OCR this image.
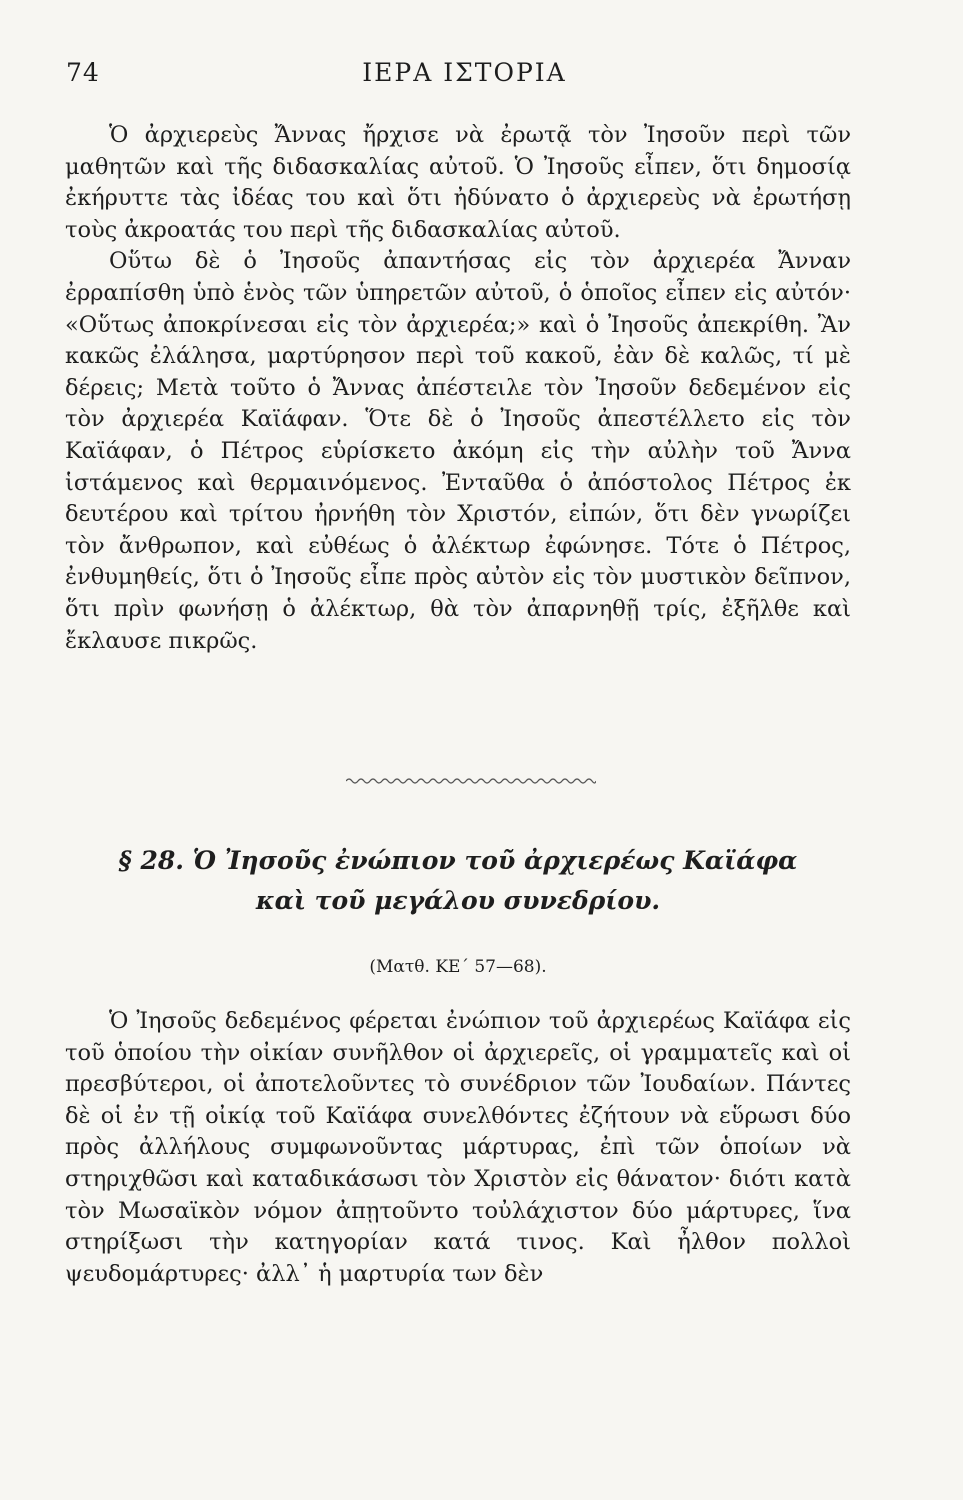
74	ΙΕΡΑ ΙΣΤΟΡΙΑ

Ὁ ἀρχιερεὺς Ἄννας ἤρχισε νὰ ἐρωτᾷ τὸν Ἰησοῦν περὶ τῶν μαθητῶν καὶ τῆς διδασκαλίας αὐτοῦ. Ὁ Ἰησοῦς εἶπεν, ὅτι δημοσίᾳ ἐκήρυττε τὰς ἰδέας του καὶ ὅτι ἠδύνατο ὁ ἀρχιερεὺς νὰ ἐρωτήσῃ τοὺς ἀκροατάς του περὶ τῆς διδασκαλίας αὐτοῦ.

Οὕτω δὲ ὁ Ἰησοῦς ἀπαντήσας εἰς τὸν ἀρχιερέα Ἄνναν ἐρραπίσθη ὑπὸ ἑνὸς τῶν ὑπηρετῶν αὐτοῦ, ὁ ὁποῖος εἶπεν εἰς αὐτόν· «Οὕτως ἀποκρίνεσαι εἰς τὸν ἀρχιερέα;» καὶ ὁ Ἰησοῦς ἀπεκρίθη. Ἂν κακῶς ἐλάλησα, μαρτύρησον περὶ τοῦ κακοῦ, ἐὰν δὲ καλῶς, τί μὲ δέρεις; Μετὰ τοῦτο ὁ Ἄννας ἀπέστειλε τὸν Ἰησοῦν δεδεμένον εἰς τὸν ἀρχιερέα Καϊάφαν. Ὅτε δὲ ὁ Ἰησοῦς ἀπεστέλλετο εἰς τὸν Καϊάφαν, ὁ Πέτρος εὑρίσκετο ἀκόμη εἰς τὴν αὐλὴν τοῦ Ἄννα ἱστάμενος καὶ θερμαινόμενος. Ἐνταῦθα ὁ ἀπόστολος Πέτρος ἐκ δευτέρου καὶ τρίτου ἠρνήθη τὸν Χριστόν, εἰπών, ὅτι δὲν γνωρίζει τὸν ἄνθρωπον, καὶ εὐθέως ὁ ἀλέκτωρ ἐφώνησε. Τότε ὁ Πέτρος, ἐνθυμηθείς, ὅτι ὁ Ἰησοῦς εἶπε πρὸς αὐτὸν εἰς τὸν μυστικὸν δεῖπνον, ὅτι πρὶν φωνήσῃ ὁ ἀλέκτωρ, θὰ τὸν ἀπαρνηθῇ τρίς, ἐξῆλθε καὶ ἔκλαυσε πικρῶς.

§ 28. Ὁ Ἰησοῦς ἐνώπιον τοῦ ἀρχιερέως Καϊάφα
καὶ τοῦ μεγάλου συνεδρίου.
(Ματθ. ΚΕ΄ 57—68).

Ὁ Ἰησοῦς δεδεμένος φέρεται ἐνώπιον τοῦ ἀρχιερέως Καϊάφα εἰς τοῦ ὁποίου τὴν οἰκίαν συνῆλθον οἱ ἀρχιερεῖς, οἱ γραμματεῖς καὶ οἱ πρεσβύτεροι, οἱ ἀποτελοῦντες τὸ συνέδριον τῶν Ἰουδαίων. Πάντες δὲ οἱ ἐν τῇ οἰκίᾳ τοῦ Καϊάφα συνελθόντες ἐζήτουν νὰ εὕρωσι δύο πρὸς ἀλλήλους συμφωνοῦντας μάρτυρας, ἐπὶ τῶν ὁποίων νὰ στηριχθῶσι καὶ καταδικάσωσι τὸν Χριστὸν εἰς θάνατον· διότι κατὰ τὸν Μωσαϊκὸν νόμον ἀπῃτοῦντο τοὐλάχιστον δύο μάρτυρες, ἵνα στηρίξωσι τὴν κατηγορίαν κατά τινος. Καὶ ἦλθον πολλοὶ ψευδομάρτυρες· ἀλλ᾽ ἡ μαρτυρία των δὲν
